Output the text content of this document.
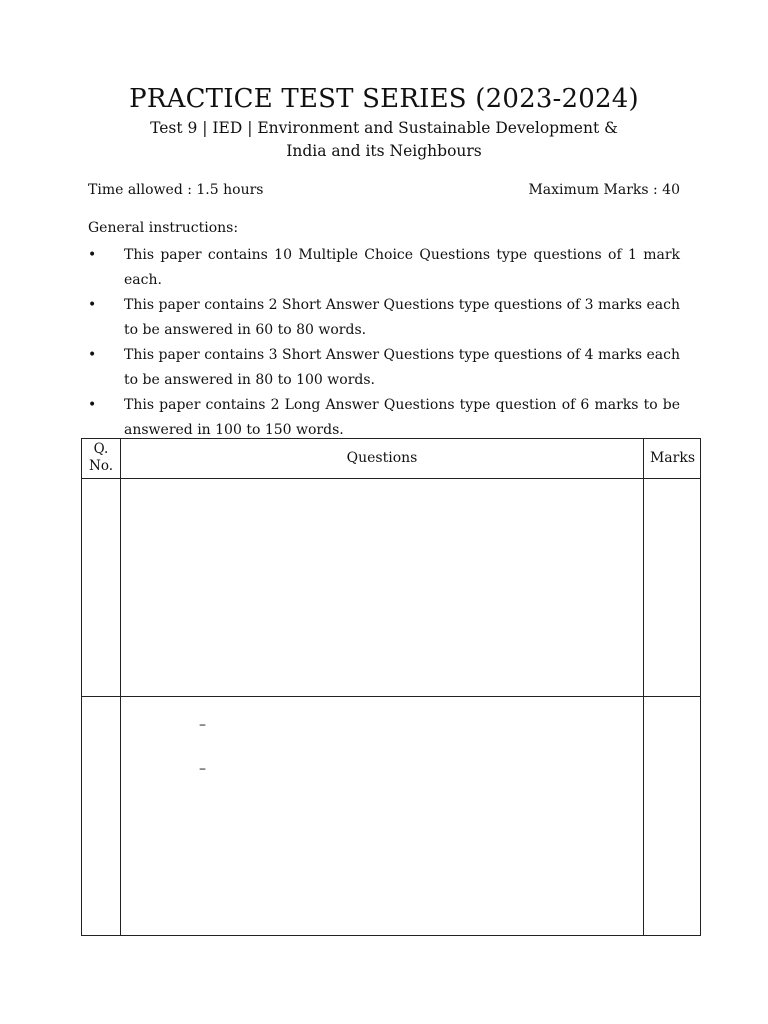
PRACTICE TEST SERIES (2023-2024)
Test 9 | IED | Environment and Sustainable Development &
India and its Neighbours
Time allowed : 1.5 hours	Maximum Marks : 40
General instructions:
• This paper contains 10 Multiple Choice Questions type questions of 1 mark each.
• This paper contains 2 Short Answer Questions type questions of 3 marks each to be answered in 60 to 80 words.
• This paper contains 3 Short Answer Questions type questions of 4 marks each to be answered in 80 to 100 words.
• This paper contains 2 Long Answer Questions type question of 6 marks to be answered in 100 to 150 words.
Q.
No.	Questions	Marks
–
–
